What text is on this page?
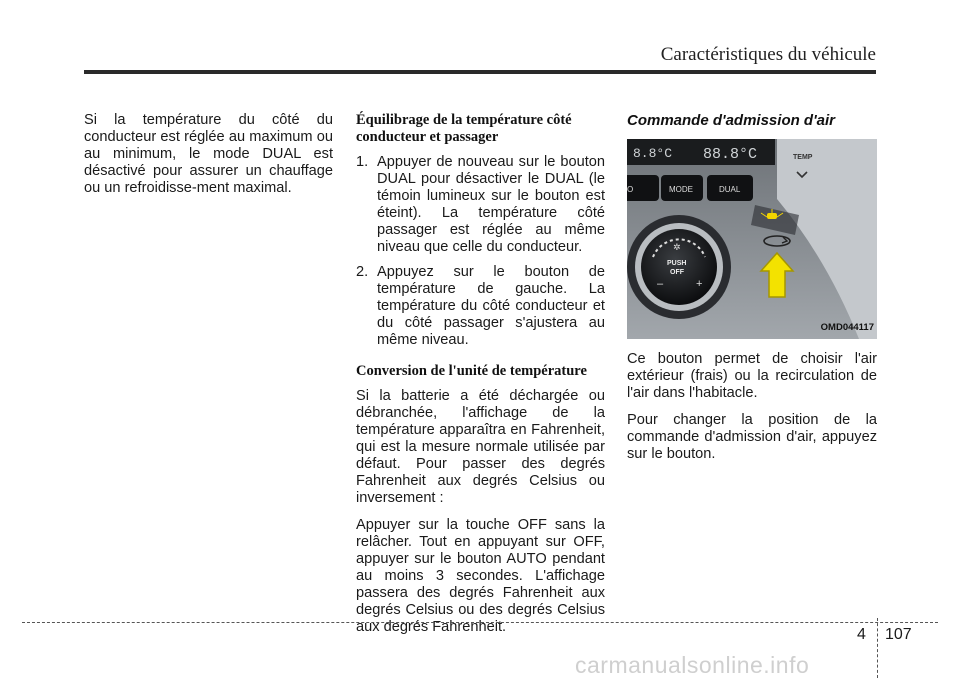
Caractéristiques du véhicule

Si la température du côté du conducteur est réglée au maximum ou au minimum, le mode DUAL est désactivé pour assurer un chauffage ou un refroidisse-ment maximal.

Équilibrage de la température côté conducteur et passager
1. Appuyer de nouveau sur le bouton DUAL pour désactiver le DUAL (le témoin lumineux sur le bouton est éteint). La température côté passager est réglée au même niveau que celle du conducteur.
2. Appuyez sur le bouton de température de gauche. La température du côté conducteur et du côté passager s'ajustera au même niveau.
Conversion de l'unité de température

Si la batterie a été déchargée ou débranchée, l'affichage de la température apparaîtra en Fahrenheit, qui est la mesure normale utilisée par défaut. Pour passer des degrés Fahrenheit aux degrés Celsius ou inversement :

Appuyer sur la touche OFF sans la relâcher. Tout en appuyant sur OFF, appuyer sur le bouton AUTO pendant au moins 3 secondes. L'affichage passera des degrés Fahrenheit aux degrés Celsius ou des degrés Celsius aux degrés Fahrenheit.

Commande d'admission d'air
8.8°C 88.8°C	TEMP
O	MODE	DUAL
✲
PUSH
OFF
–	+
OMD044117

Ce bouton permet de choisir l'air extérieur (frais) ou la recirculation de l'air dans l'habitacle.

Pour changer la position de la commande d'admission d'air, appuyez sur le bouton.

4 107
carmanualsonline.info
